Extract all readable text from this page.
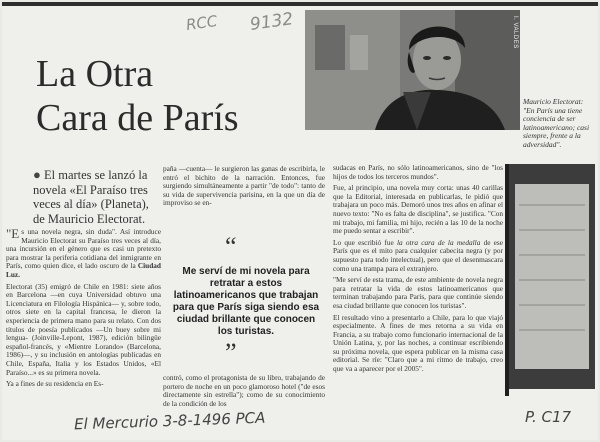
RCC 9132
La Otra
Cara de París
I. VALDES
Mauricio Electorat: "En París una tiene conciencia de ser latinoamericano; casi siempre, frente a la adversidad".
● El martes se lanzó la novela «El Paraíso tres veces al día» (Planeta), de Mauricio Electorat.

"Es una novela negra, sin duda". Así introduce Mauricio Electorat su Paraíso tres veces al día, una incursión en el género que es casi un pretexto para mostrar la periferia cotidiana del inmigrante en París, como quien dice, el lado oscuro de la Ciudad Luz.

Electorat (35) emigró de Chile en 1981: siete años en Barcelona —en cuya Universidad obtuvo una Licenciatura en Filología Hispánica— y, sobre todo, otros siete en la capital francesa, le dieron la experiencia de primera mano para su relato. Con dos títulos de poesía publicados —Un buey sobre mi lengua- (Joinville-Lepont, 1987), edición bilingüe español-francés, y «Mientre Lorando» (Barcelona, 1986)—, y su inclusión en antologías publicadas en Chile, España, Italia y los Estados Unidos, «El Paraíso...» es su primera novela.

Ya a fines de su residencia en Es-

paña —cuenta— le surgieron las ganas de escribirla, le entró el bichito de la narración. Entonces, fue surgiendo simultáneamente a partir "de todo": tanto de su vida de supervivencia parisina, en la que un día de improviso se en-

“
Me serví de mi novela para retratar a estos latinoamericanos que trabajan para que París siga siendo esa ciudad brillante que conocen los turistas.
”

contró, como el protagonista de su libro, trabajando de portero de noche en un poco glamoroso hotel ("de esos directamente sin estrella"); como de su conocimiento de la condición de los

sudacas en París, no sólo latinoamericanos, sino de "los hijos de todos los terceros mundos".

Fue, al principio, una novela muy corta: unas 40 carillas que la Editorial, interesada en publicarlas, le pidió que trabajara un poco más. Demoró unos tres años en afinar el nuevo texto: "No es falta de disciplina", se justifica. "Con mi trabajo, mi familia, mi hijo, recién a las 10 de la noche me puedo sentar a escribir".

Lo que escribió fue la otra cara de la medalla de ese París que es el mito para cualquier cabecita negra (y por supuesto para todo intelectual), pero que el desenmascara como una trampa para el extranjero.

"Me serví de esta trama, de este ambiente de novela negra para retratar la vida de estos latinoamericanos que terminan trabajando para París, para que continúe siendo esa ciudad brillante que conocen los turistas".

El resultado vino a presentarlo a Chile, para lo que viajó especialmente. A fines de mes retorna a su vida en Francia, a su trabajo como funcionario internacional de la Unión Latina, y, por las noches, a continuar escribiendo su próxima novela, que espera publicar en la misma casa editorial. Se ríe: "Claro que a mi ritmo de trabajo, creo que va a aparecer por el 2005".

El Mercurio 3-8-1496 PCA	P. C17
